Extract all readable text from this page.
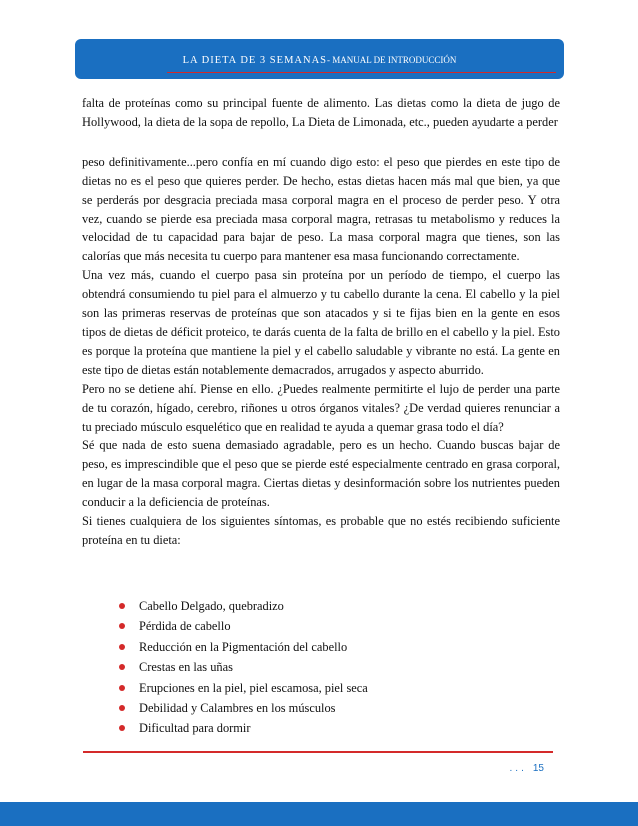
LA DIETA DE 3 SEMANAS- MANUAL DE INTRODUCCIÓN

falta de proteínas como su principal fuente de alimento. Las dietas como la dieta de jugo de Hollywood, la dieta de la sopa de repollo, La Dieta de Limonada, etc., pueden ayudarte a perder

peso definitivamente...pero confía en mí cuando digo esto: el peso que pierdes en este tipo de dietas no es el peso que quieres perder. De hecho, estas dietas hacen más mal que bien, ya que se perderás por desgracia preciada masa corporal magra en el proceso de perder peso. Y otra vez, cuando se pierde esa preciada masa corporal magra, retrasas tu metabolismo y reduces la velocidad de tu capacidad para bajar de peso. La masa corporal magra que tienes, son las calorías que más necesita tu cuerpo para mantener esa masa funcionando correctamente.

Una vez más, cuando el cuerpo pasa sin proteína por un período de tiempo, el cuerpo las obtendrá consumiendo tu piel para el almuerzo y tu cabello durante la cena. El cabello y la piel son las primeras reservas de proteínas que son atacados y si te fijas bien en la gente en esos tipos de dietas de déficit proteico, te darás cuenta de la falta de brillo en el cabello y la piel. Esto es porque la proteína que mantiene la piel y el cabello saludable y vibrante no está. La gente en este tipo de dietas están notablemente demacrados, arrugados y aspecto aburrido.

Pero no se detiene ahí. Piense en ello. ¿Puedes realmente permitirte el lujo de perder una parte de tu corazón, hígado, cerebro, riñones u otros órganos vitales? ¿De verdad quieres renunciar a tu preciado músculo esquelético que en realidad te ayuda a quemar grasa todo el día?

Sé que nada de esto suena demasiado agradable, pero es un hecho. Cuando buscas bajar de peso, es imprescindible que el peso que se pierde esté especialmente centrado en grasa corporal, en lugar de la masa corporal magra. Ciertas dietas y desinformación sobre los nutrientes pueden conducir a la deficiencia de proteínas.

Si tienes cualquiera de los siguientes síntomas, es probable que no estés recibiendo suficiente proteína en tu dieta:

Cabello Delgado, quebradizo
Pérdida de cabello
Reducción en la Pigmentación del cabello
Crestas en las uñas
Erupciones en la piel, piel escamosa, piel seca
Debilidad y Calambres en los músculos
Dificultad para dormir
... 15
